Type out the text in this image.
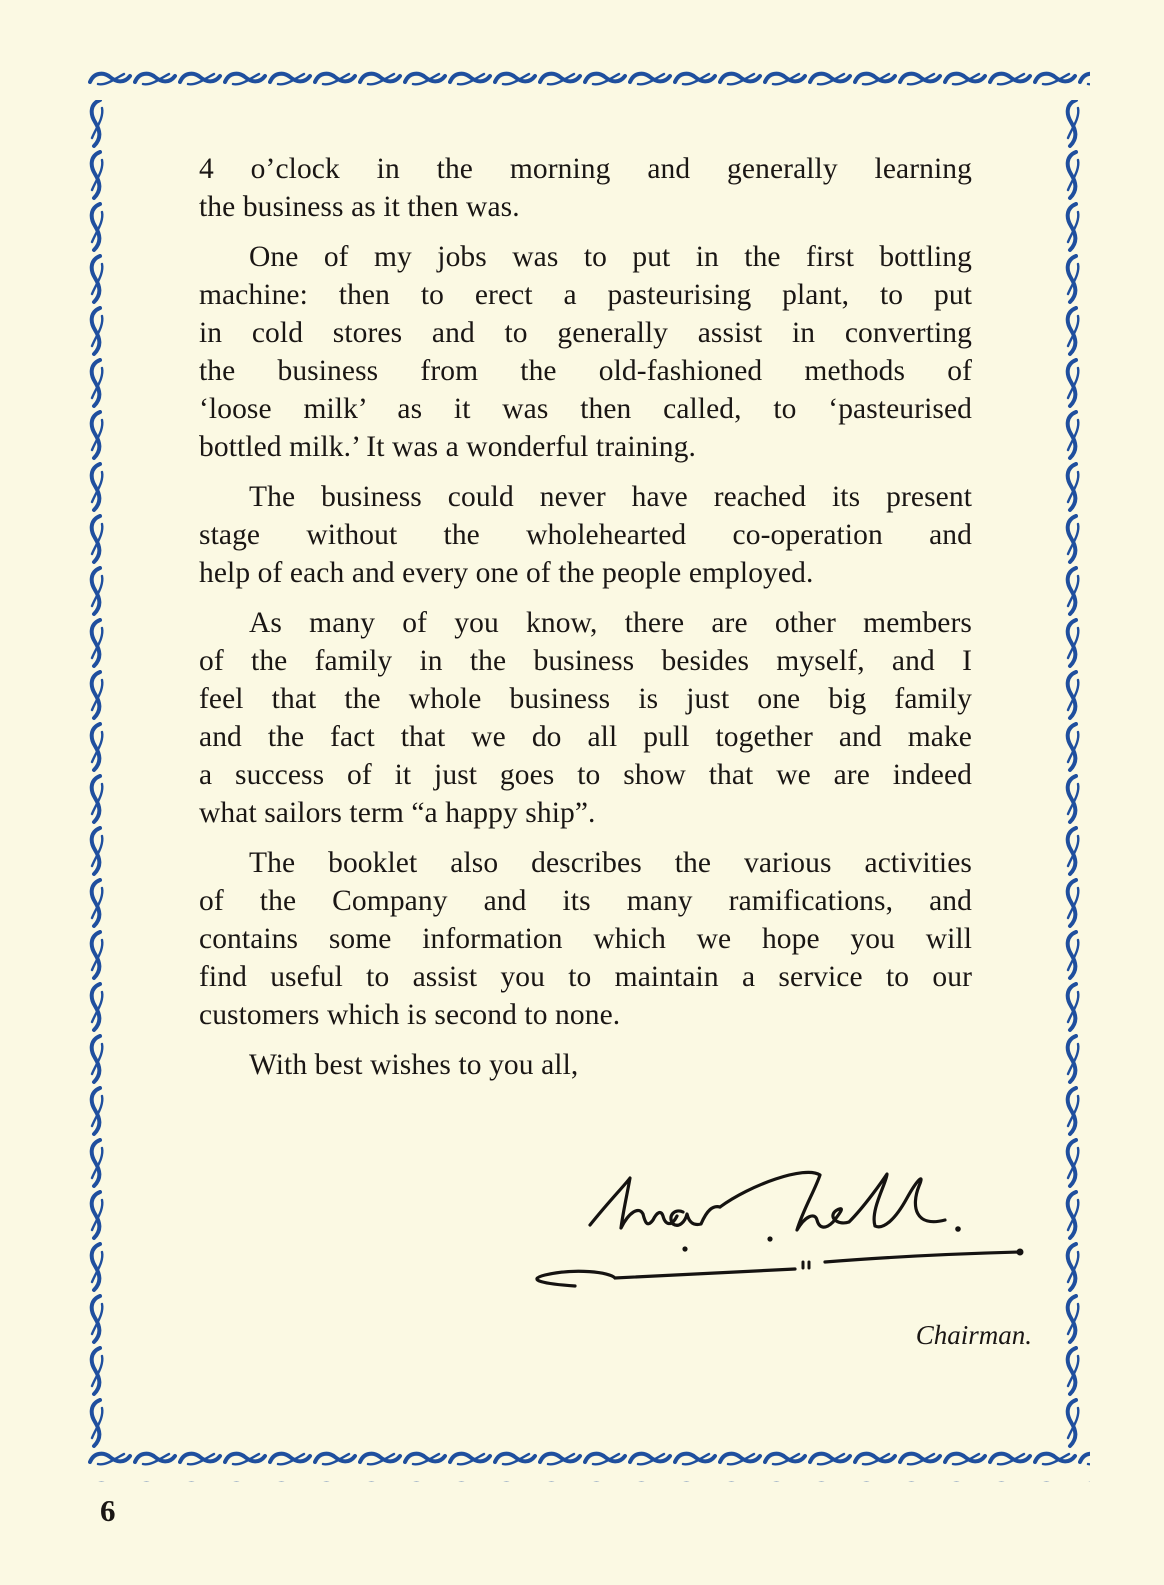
4 o’clock in the morning and generally learning
the business as it then was.
One of my jobs was to put in the first bottling
machine: then to erect a pasteurising plant, to put
in cold stores and to generally assist in converting
the business from the old-fashioned methods of
‘loose milk’ as it was then called, to ‘pasteurised
bottled milk.’ It was a wonderful training.
The business could never have reached its present
stage without the wholehearted co-operation and
help of each and every one of the people employed.
As many of you know, there are other members
of the family in the business besides myself, and I
feel that the whole business is just one big family
and the fact that we do all pull together and make
a success of it just goes to show that we are indeed
what sailors term “a happy ship”.
The booklet also describes the various activities
of the Company and its many ramifications, and
contains some information which we hope you will
find useful to assist you to maintain a service to our
customers which is second to none.
With best wishes to you all,
Chairman.
6
